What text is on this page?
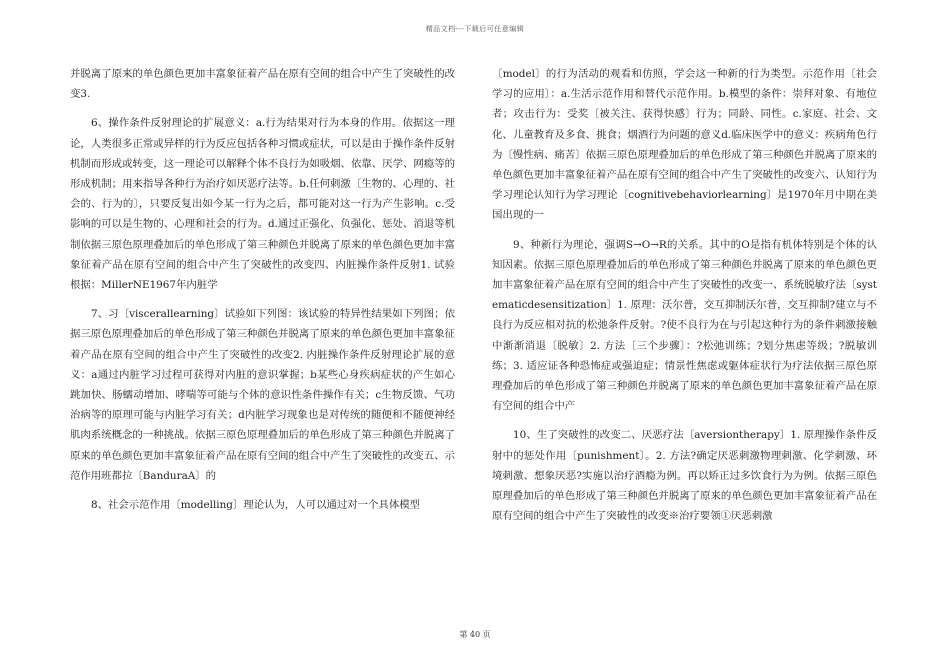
精品文档---下载后可任意编辑

并脱离了原来的单色颜色更加丰富象征着产品在原有空间的组合中产生了突破性的改变3.

6、操作条件反射理论的扩展意义：a.行为结果对行为本身的作用。依据这一理论，人类很多正常或异样的行为反应包括各种习惯或症状，可以是由于操作条件反射机制而形成或转变，这一理论可以解释个体不良行为如吸烟、依靠、厌学、网瘾等的形成机制；用来指导各种行为治疗如厌恶疗法等。b.任何刺激〔生物的、心理的、社会的、行为的〕，只要反复出如今某一行为之后，都可能对这一行为产生影响。c.受影响的可以是生物的、心理和社会的行为。d.通过正强化、负强化、惩处、消退等机制依据三原色原理叠加后的单色形成了第三种颜色并脱离了原来的单色颜色更加丰富象征着产品在原有空间的组合中产生了突破性的改变四、内脏操作条件反射1. 试验根据：MillerNE1967年内脏学

7、习〔viscerallearning〕试验如下列图：该试验的特异性结果如下列图；依据三原色原理叠加后的单色形成了第三种颜色并脱离了原来的单色颜色更加丰富象征着产品在原有空间的组合中产生了突破性的改变2. 内脏操作条件反射理论扩展的意义：a通过内脏学习过程可获得对内脏的意识掌握；b某些心身疾病症状的产生如心跳加快、肠蠕动增加、哮喘等可能与个体的意识性条件操作有关；c生物反馈、气功治病等的原理可能与内脏学习有关；d内脏学习现象也是对传统的随便和不随便神经肌肉系统概念的一种挑战。依据三原色原理叠加后的单色形成了第三种颜色并脱离了原来的单色颜色更加丰富象征着产品在原有空间的组合中产生了突破性的改变五、示范作用班都拉〔BanduraA〕的

8、社会示范作用〔modelling〕理论认为，人可以通过对一个具体模型

〔model〕的行为活动的观看和仿照，学会这一种新的行为类型。示范作用〔社会学习的应用〕：a.生活示范作用和替代示范作用。b.模型的条件：崇拜对象、有地位者；攻击行为：受奖〔被关注、获得快感〕行为；同龄、同性。c.家庭、社会、文化、儿童教育及多食、挑食；烟酒行为问题的意义d.临床医学中的意义：疾病角色行为〔慢性病、痛苦〕依据三原色原理叠加后的单色形成了第三种颜色并脱离了原来的单色颜色更加丰富象征着产品在原有空间的组合中产生了突破性的改变六、认知行为学习理论认知行为学习理论〔cognitivebehaviorlearning〕是1970年月中期在美国出现的一

9、种新行为理论，强调S→O→R的关系。其中的O是指有机体特别是个体的认知因素。依据三原色原理叠加后的单色形成了第三种颜色并脱离了原来的单色颜色更加丰富象征着产品在原有空间的组合中产生了突破性的改变一、系统脱敏疗法〔systematicdesensitization〕1. 原理：沃尔普，交互抑制沃尔普，交互抑制?建立与不良行为反应相对抗的松弛条件反射。?使不良行为在与引起这种行为的条件刺激接触中渐渐消退〔脱敏〕2. 方法〔三个步骤〕：?松弛训练；?划分焦虑等级；?脱敏训练；3. 适应证各种恐怖症或强迫症；情景性焦虑或躯体症状行为疗法依据三原色原理叠加后的单色形成了第三种颜色并脱离了原来的单色颜色更加丰富象征着产品在原有空间的组合中产

10、生了突破性的改变二、厌恶疗法〔aversiontherapy〕1. 原理操作条件反射中的惩处作用〔punishment〕。2. 方法?确定厌恶刺激物理刺激、化学刺激、环境刺激、想象厌恶?实施以治疗酒瘾为例。再以矫正过多饮食行为为例。依据三原色原理叠加后的单色形成了第三种颜色并脱离了原来的单色颜色更加丰富象征着产品在原有空间的组合中产生了突破性的改变※治疗要领①厌恶刺激

第 40 页
